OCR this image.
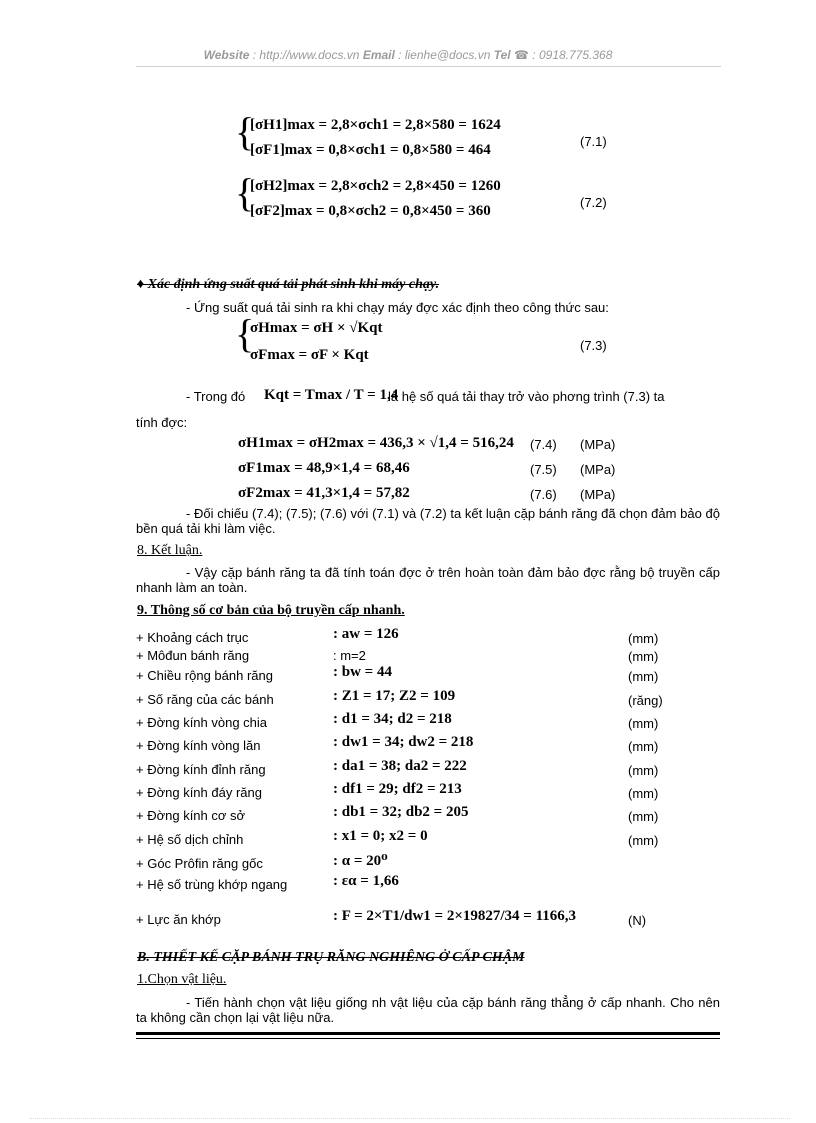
Website : http://www.docs.vn Email : lienhe@docs.vn Tel ☎ : 0918.775.368
{
[σH1]max = 2,8×σch1 = 2,8×580 = 1624
[σF1]max = 0,8×σch1 = 0,8×580 = 464
(7.1)
{
[σH2]max = 2,8×σch2 = 2,8×450 = 1260
[σF2]max = 0,8×σch2 = 0,8×450 = 360
(7.2)
♦ Xác định ứng suất quá tải phát sinh khi máy chạy.
- Ứng suất quá tải sinh ra khi chạy máy đợc xác định theo công thức sau:
{
σHmax = σH × √Kqt
σFmax = σF × Kqt
(7.3)
- Trong đó Kqt = Tmax / T = 1,4
là hệ số quá tải thay trở vào phơng trình (7.3) ta
tính đợc:
σH1max = σH2max = 436,3 × √1,4 = 516,24 (7.4) (MPa)
σF1max = 48,9×1,4 = 68,46	(7.5) (MPa)
σF2max = 41,3×1,4 = 57,82	(7.6) (MPa)
- Đối chiếu (7.4); (7.5); (7.6) với (7.1) và (7.2) ta kết luận cặp bánh răng đã chọn đảm bảo độ bền quá tải khi làm việc.
8. Kết luận.
- Vậy cặp bánh răng ta đã tính toán đợc ở trên hoàn toàn đảm bảo đợc rằng bộ truyền cấp nhanh làm an toàn.
9. Thông số cơ bản của bộ truyền cấp nhanh.
+ Khoảng cách trục	: aw = 126	(mm)
+ Môđun bánh răng	: m=2	(mm)
+ Chiều rộng bánh răng	: bw = 44	(mm)
+ Số răng của các bánh	: Z1 = 17; Z2 = 109	(răng)
+ Đờng kính vòng chia	: d1 = 34; d2 = 218	(mm)
+ Đờng kính vòng lăn	: dw1 = 34; dw2 = 218	(mm)
+ Đờng kính đỉnh răng	: da1 = 38; da2 = 222	(mm)
+ Đờng kính đáy răng	: df1 = 29; df2 = 213	(mm)
+ Đờng kính cơ sở	: db1 = 32; db2 = 205	(mm)
+ Hệ số dịch chỉnh	: x1 = 0; x2 = 0	(mm)
+ Góc Prôfin răng gốc	: α = 20⁰
+ Hệ số trùng khớp ngang	: εα = 1,66
+ Lực ăn khớp	: F = 2×T1/dw1 = 2×19827/34 = 1166,3	(N)
B. THIẾT KẾ CẶP BÁNH TRỤ RĂNG NGHIÊNG Ở CẤP CHẬM
1.Chọn vật liệu.
- Tiến hành chọn vật liệu giống nh vật liệu của cặp bánh răng thẳng ở cấp nhanh. Cho nên ta không cần chọn lại vật liệu nữa.
